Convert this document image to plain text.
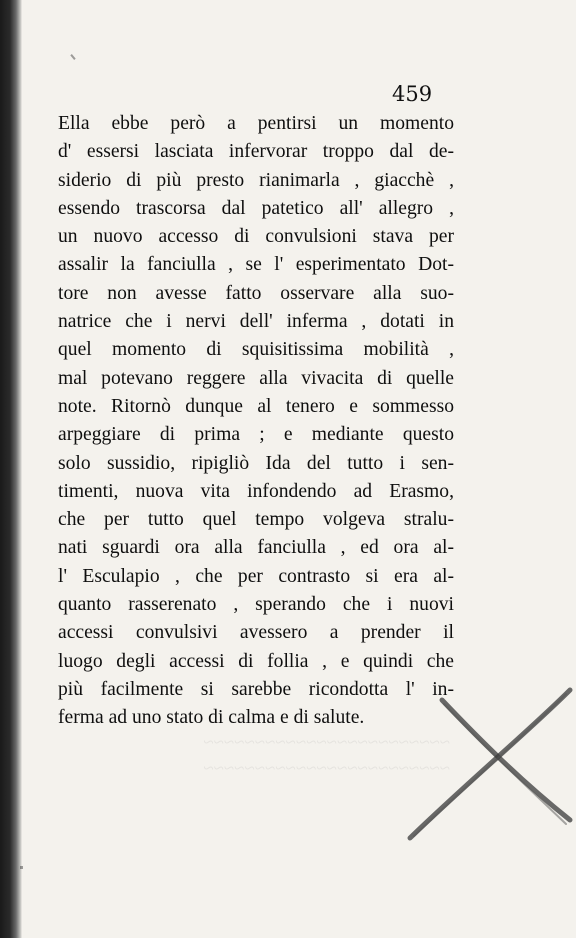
459
Ella ebbe però a pentirsi un momento
d' essersi lasciata infervorar troppo dal de-
siderio di più presto rianimarla , giacchè ,
essendo trascorsa dal patetico all' allegro ,
un nuovo accesso di convulsioni stava per
assalir la fanciulla , se l' esperimentato Dot-
tore non avesse fatto osservare alla suo-
natrice che i nervi dell' inferma , dotati in
quel momento di squisitissima mobilità ,
mal potevano reggere alla vivacita di quelle
note. Ritornò dunque al tenero e sommesso
arpeggiare di prima ; e mediante questo
solo sussidio, ripigliò Ida del tutto i sen-
timenti, nuova vita infondendo ad Erasmo,
che per tutto quel tempo volgeva stralu-
nati sguardi ora alla fanciulla , ed ora al-
l' Esculapio , che per contrasto si era al-
quanto rasserenato , sperando che i nuovi
accessi convulsivi avessero a prender il
luogo degli accessi di follia , e quindi che
più facilmente si sarebbe ricondotta l' in-
ferma ad uno stato di calma e di salute.
~~~~~~~~~~~~~~~~~~~~~~~~
~~~~~~~~~~~~~~~~~~~~~~~~
